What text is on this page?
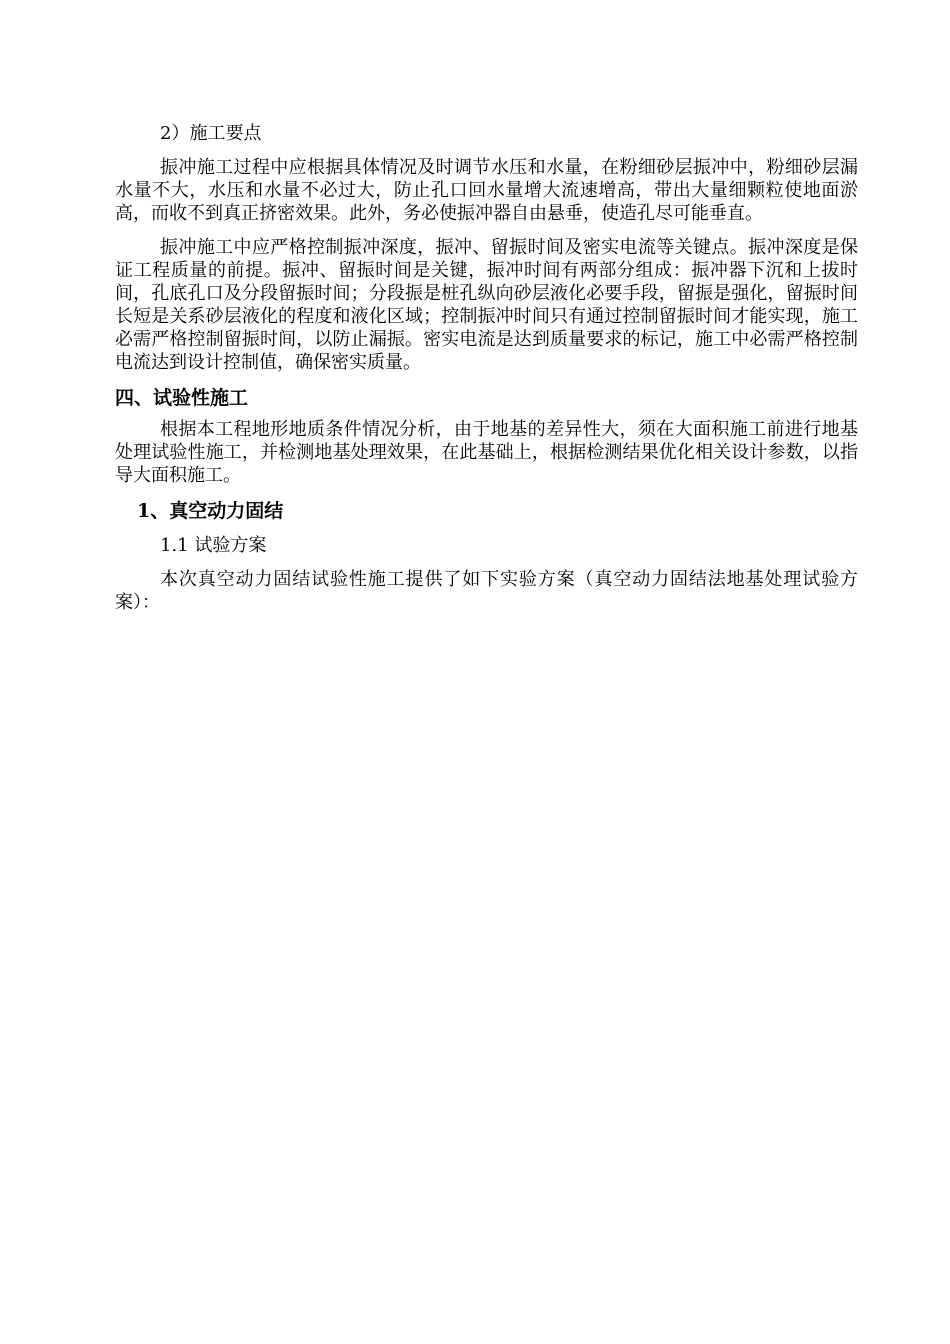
2）施工要点

振冲施工过程中应根据具体情况及时调节水压和水量，在粉细砂层振冲中，粉细砂层漏水量不大，水压和水量不必过大，防止孔口回水量增大流速增高，带出大量细颗粒使地面淤高，而收不到真正挤密效果。此外，务必使振冲器自由悬垂，使造孔尽可能垂直。

振冲施工中应严格控制振冲深度，振冲、留振时间及密实电流等关键点。振冲深度是保证工程质量的前提。振冲、留振时间是关键，振冲时间有两部分组成：振冲器下沉和上拔时间，孔底孔口及分段留振时间；分段振是桩孔纵向砂层液化必要手段，留振是强化，留振时间长短是关系砂层液化的程度和液化区域；控制振冲时间只有通过控制留振时间才能实现，施工必需严格控制留振时间，以防止漏振。密实电流是达到质量要求的标记，施工中必需严格控制电流达到设计控制值，确保密实质量。

四、试验性施工

根据本工程地形地质条件情况分析，由于地基的差异性大，须在大面积施工前进行地基处理试验性施工，并检测地基处理效果，在此基础上，根据检测结果优化相关设计参数，以指导大面积施工。

1、真空动力固结
1.1 试验方案

本次真空动力固结试验性施工提供了如下实验方案（真空动力固结法地基处理试验方案）：
